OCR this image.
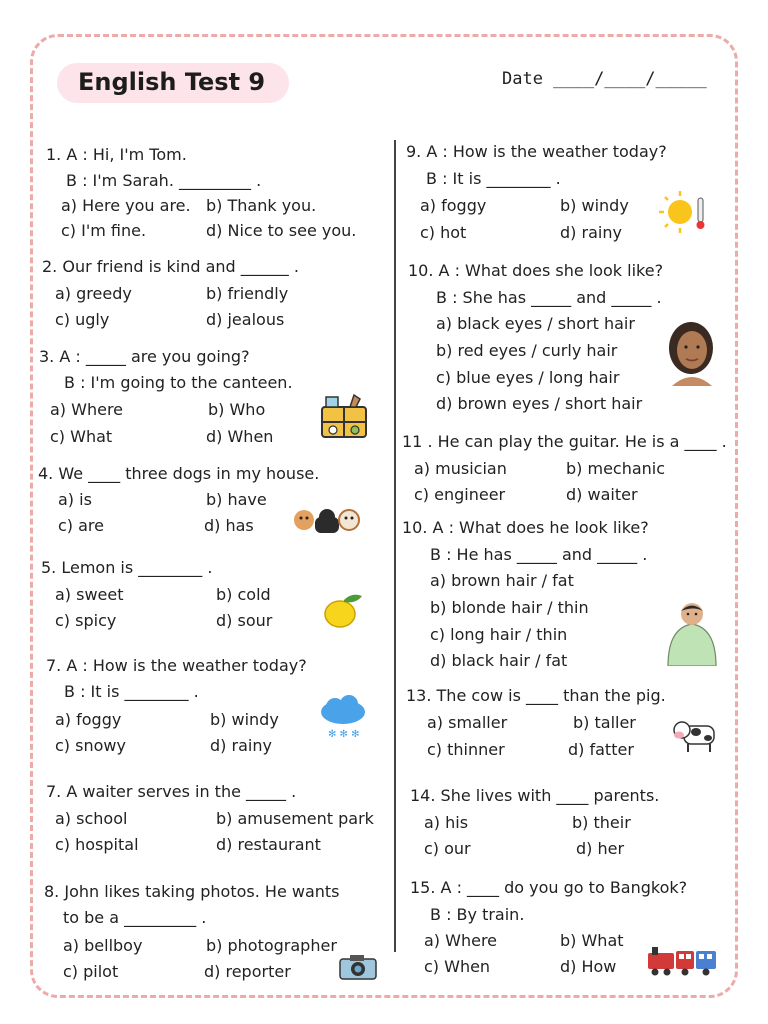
English Test 9	Date ____/____/_____
1. A : Hi, I'm Tom.
B : I'm Sarah. _________ .
a) Here you are. b) Thank you.
c) I'm fine.	d) Nice to see you.
2. Our friend is kind and ______ .
a) greedy	b) friendly
c) ugly	d) jealous
3. A : _____ are you going?
B : I'm going to the canteen.
a) Where	b) Who
c) What	d) When
4. We ____ three dogs in my house.
a) is	b) have
c) are	d) has
5. Lemon is ________ .
a) sweet	b) cold
c) spicy	d) sour
7. A : How is the weather today?
B : It is ________ .
a) foggy	b) windy
c) snowy	d) rainy
✻ ✻ ✻
7. A waiter serves in the _____ .
a) school	b) amusement park
c) hospital	d) restaurant
8. John likes taking photos. He wants
to be a _________ .
a) bellboy	b) photographer
c) pilot	d) reporter
9. A : How is the weather today?
B : It is ________ .
a) foggy	b) windy
c) hot	d) rainy
10. A : What does she look like?
B : She has _____ and _____ .
a) black eyes / short hair
b) red eyes / curly hair
c) blue eyes / long hair
d) brown eyes / short hair
11 . He can play the guitar. He is a ____ .
a) musician	b) mechanic
c) engineer	d) waiter
10. A : What does he look like?
B : He has _____ and _____ .
a) brown hair / fat
b) blonde hair / thin
c) long hair / thin
d) black hair / fat
13. The cow is ____ than the pig.
a) smaller	b) taller
c) thinner	d) fatter
14. She lives with ____ parents.
a) his	b) their
c) our	d) her
15. A : ____ do you go to Bangkok?
B : By train.
a) Where	b) What
c) When	d) How
